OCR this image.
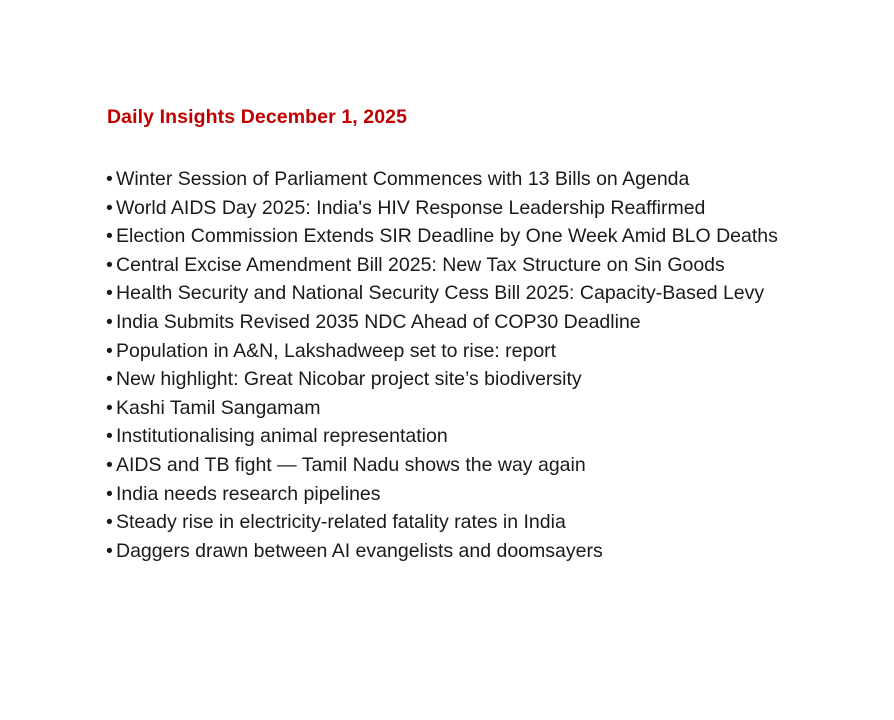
Daily Insights December 1, 2025
• Winter Session of Parliament Commences with 13 Bills on Agenda
• World AIDS Day 2025: India's HIV Response Leadership Reaffirmed
• Election Commission Extends SIR Deadline by One Week Amid BLO Deaths
• Central Excise Amendment Bill 2025: New Tax Structure on Sin Goods
• Health Security and National Security Cess Bill 2025: Capacity-Based Levy
• India Submits Revised 2035 NDC Ahead of COP30 Deadline
• Population in A&N, Lakshadweep set to rise: report
• New highlight: Great Nicobar project site’s biodiversity
• Kashi Tamil Sangamam
• Institutionalising animal representation
• AIDS and TB fight — Tamil Nadu shows the way again
• India needs research pipelines
• Steady rise in electricity-related fatality rates in India
• Daggers drawn between AI evangelists and doomsayers
